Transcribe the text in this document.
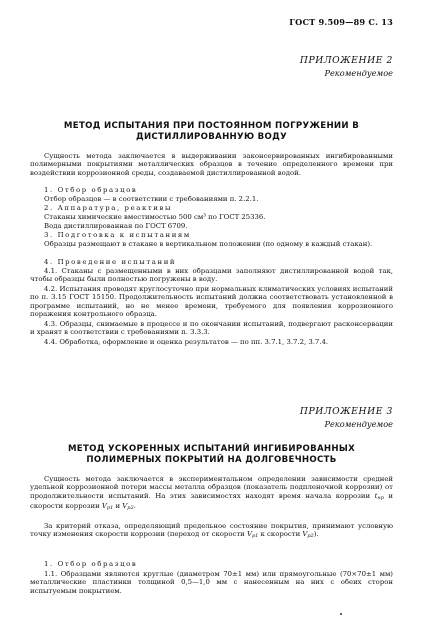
ГОСТ 9.509—89 С. 13
ПРИЛОЖЕНИЕ 2
Рекомендуемое
МЕТОД ИСПЫТАНИЯ ПРИ ПОСТОЯННОМ ПОГРУЖЕНИИ В
ДИСТИЛЛИРОВАННУЮ ВОДУ

Сущность метода заключается в выдерживании законсервированных ингибированными полимерными покрытиями металлических образцов в течение определенного времени при воздействии коррозионной среды, создаваемой дистиллированной водой.

1. Отбор образцов

Отбор образцов — в соответствии с требованиями п. 2.2.1.

2. Аппаратура, реактивы

Стаканы химические вместимостью 500 см³ по ГОСТ 25336.

Вода дистиллированная по ГОСТ 6709.

3. Подготовка к испытаниям

Образцы размещают в стакане в вертикальном положении (по одному в каждый стакан).

4. Проведение испытаний

4.1. Стаканы с размещенными в них образцами заполняют дистиллированной водой так, чтобы образцы были полностью погружены в воду.

4.2. Испытания проводят круглосуточно при нормальных климатических условиях испытаний по п. 3.15 ГОСТ 15150. Продолжительность испытаний должна соответствовать установленной в программе испытаний, но не менее времени, требуемого для появления коррозионного поражения контрольного образца.

4.3. Образцы, снимаемые в процессе и по окончании испытаний, подвергают расконсервации и хранят в соответствии с требованиями п. 3.3.3.

4.4. Обработка, оформление и оценка результатов — по пп. 3.7.1, 3.7.2, 3.7.4.

ПРИЛОЖЕНИЕ 3
Рекомендуемое
МЕТОД УСКОРЕННЫХ ИСПЫТАНИЙ ИНГИБИРОВАННЫХ
ПОЛИМЕРНЫХ ПОКРЫТИЙ НА ДОЛГОВЕЧНОСТЬ

Сущность метода заключается в экспериментальном определении зависимости средней удельной коррозионной потери массы металла образцов (показатель подпленочной коррозии) от продолжительности испытаний. На этих зависимостях находят время начала коррозии $t_{нр}$ и скорости коррозии $V_{р1}$ и $V_{р2}$.

За критерий отказа, определяющий предельное состояние покрытия, принимают условную точку изменения скорости коррозии (переход от скорости $V_{р1}$ к скорости $V_{р2}$).

1. Отбор образцов

1.1. Образцами являются круглые (диаметром 70±1 мм) или прямоугольные (70×70±1 мм) металлические пластинки толщиной 0,5—1,0 мм с нанесенным на них с обеих сторон испытуемым покрытием.
